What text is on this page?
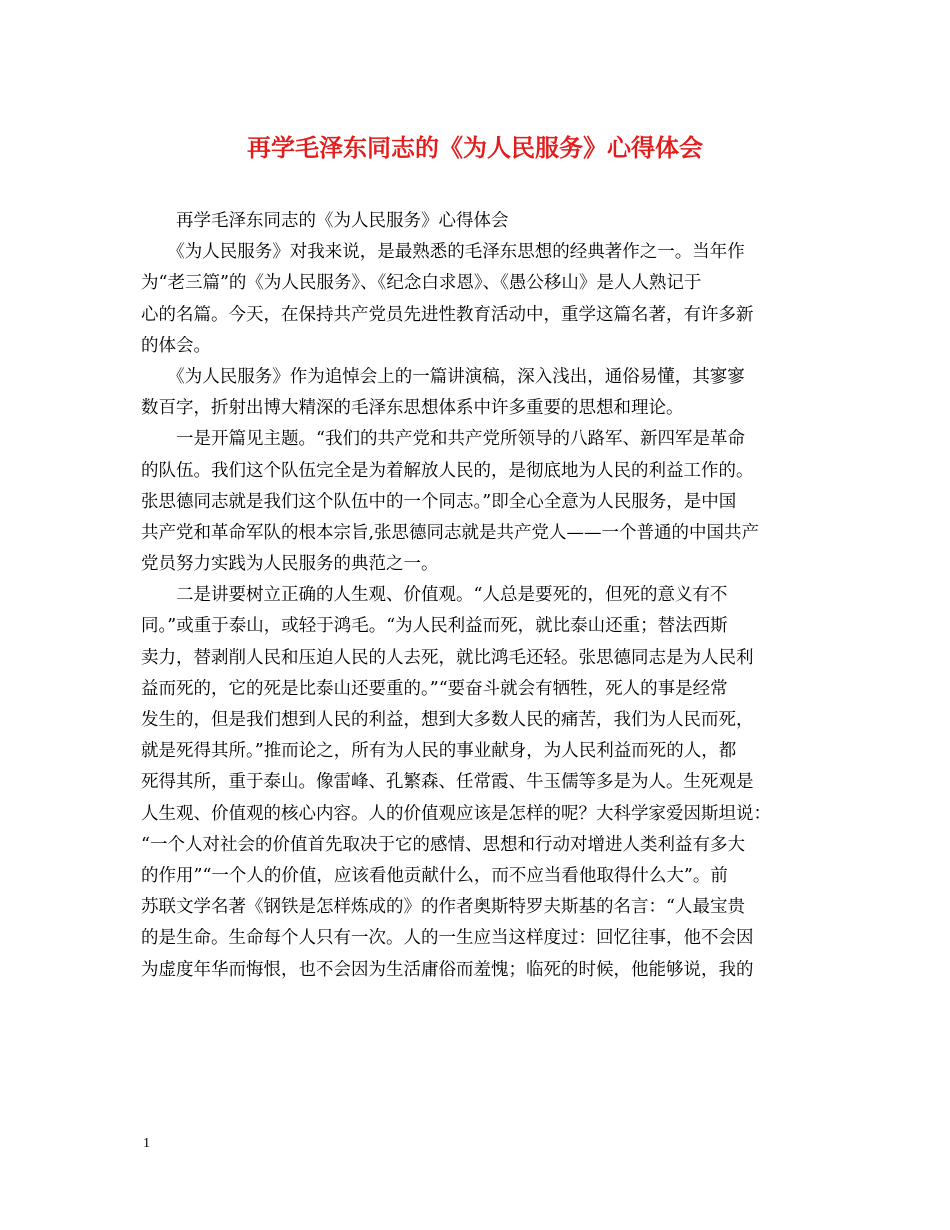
再学毛泽东同志的《为人民服务》心得体会
　　再学毛泽东同志的《为人民服务》心得体会
　　《为人民服务》对我来说，是最熟悉的毛泽东思想的经典著作之一。当年作
为“老三篇”的《为人民服务》、《纪念白求恩》、《愚公移山》是人人熟记于
心的名篇。今天，在保持共产党员先进性教育活动中，重学这篇名著，有许多新
的体会。
　　《为人民服务》作为追悼会上的一篇讲演稿，深入浅出，通俗易懂，其寥寥
数百字，折射出博大精深的毛泽东思想体系中许多重要的思想和理论。
　　一是开篇见主题。“我们的共产党和共产党所领导的八路军、新四军是革命
的队伍。我们这个队伍完全是为着解放人民的，是彻底地为人民的利益工作的。
张思德同志就是我们这个队伍中的一个同志。”即全心全意为人民服务，是中国
共产党和革命军队的根本宗旨,张思德同志就是共产党人——一个普通的中国共产
党员努力实践为人民服务的典范之一。
　　二是讲要树立正确的人生观、价值观。“人总是要死的，但死的意义有不
同。”或重于泰山，或轻于鸿毛。“为人民利益而死，就比泰山还重；替法西斯
卖力，替剥削人民和压迫人民的人去死，就比鸿毛还轻。张思德同志是为人民利
益而死的，它的死是比泰山还要重的。”“要奋斗就会有牺牲，死人的事是经常
发生的，但是我们想到人民的利益，想到大多数人民的痛苦，我们为人民而死，
就是死得其所。”推而论之，所有为人民的事业献身，为人民利益而死的人，都
死得其所，重于泰山。像雷峰、孔繁森、任常霞、牛玉儒等多是为人。生死观是
人生观、价值观的核心内容。人的价值观应该是怎样的呢？大科学家爱因斯坦说：
“一个人对社会的价值首先取决于它的感情、思想和行动对增进人类利益有多大
的作用”“一个人的价值，应该看他贡献什么，而不应当看他取得什么大”。前
苏联文学名著《钢铁是怎样炼成的》的作者奥斯特罗夫斯基的名言：“人最宝贵
的是生命。生命每个人只有一次。人的一生应当这样度过：回忆往事，他不会因
为虚度年华而悔恨，也不会因为生活庸俗而羞愧；临死的时候，他能够说，我的
1
